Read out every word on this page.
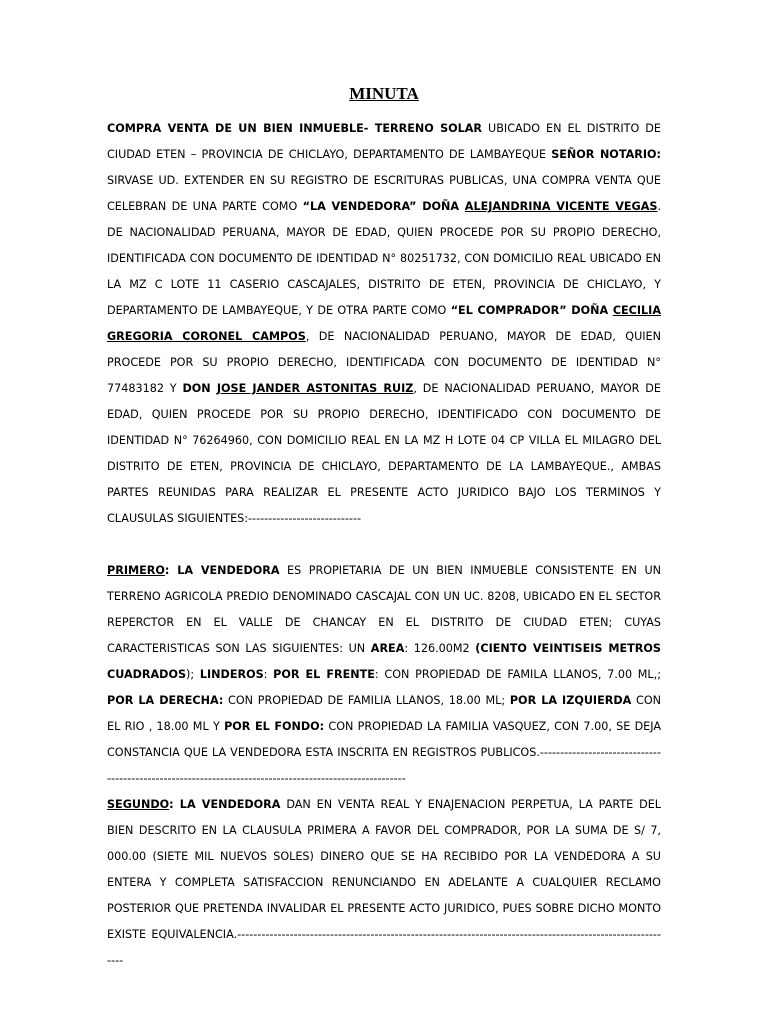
MINUTA

COMPRA VENTA DE UN BIEN INMUEBLE- TERRENO SOLAR UBICADO EN EL DISTRITO DE CIUDAD ETEN – PROVINCIA DE CHICLAYO, DEPARTAMENTO DE LAMBAYEQUE SEÑOR NOTARIO: SIRVASE UD. EXTENDER EN SU REGISTRO DE ESCRITURAS PUBLICAS, UNA COMPRA VENTA QUE CELEBRAN DE UNA PARTE COMO “LA VENDEDORA” DOÑA ALEJANDRINA VICENTE VEGAS. DE NACIONALIDAD PERUANA, MAYOR DE EDAD, QUIEN PROCEDE POR SU PROPIO DERECHO, IDENTIFICADA CON DOCUMENTO DE IDENTIDAD N° 80251732, CON DOMICILIO REAL UBICADO EN LA MZ C LOTE 11 CASERIO CASCAJALES, DISTRITO DE ETEN, PROVINCIA DE CHICLAYO, Y DEPARTAMENTO DE LAMBAYEQUE, Y DE OTRA PARTE COMO “EL COMPRADOR” DOÑA CECILIA GREGORIA CORONEL CAMPOS, DE NACIONALIDAD PERUANO, MAYOR DE EDAD, QUIEN PROCEDE POR SU PROPIO DERECHO, IDENTIFICADA CON DOCUMENTO DE IDENTIDAD N° 77483182 Y DON JOSE JANDER ASTONITAS RUIZ, DE NACIONALIDAD PERUANO, MAYOR DE EDAD, QUIEN PROCEDE POR SU PROPIO DERECHO, IDENTIFICADO CON DOCUMENTO DE IDENTIDAD N° 76264960, CON DOMICILIO REAL EN LA MZ H LOTE 04 CP VILLA EL MILAGRO DEL DISTRITO DE ETEN, PROVINCIA DE CHICLAYO, DEPARTAMENTO DE LA LAMBAYEQUE., AMBAS PARTES REUNIDAS PARA REALIZAR EL PRESENTE ACTO JURIDICO BAJO LOS TERMINOS Y CLAUSULAS SIGUIENTES:----------------------------

PRIMERO: LA VENDEDORA ES PROPIETARIA DE UN BIEN INMUEBLE CONSISTENTE EN UN TERRENO AGRICOLA PREDIO DENOMINADO CASCAJAL CON UN UC. 8208, UBICADO EN EL SECTOR REPERCTOR EN EL VALLE DE CHANCAY EN EL DISTRITO DE CIUDAD ETEN; CUYAS CARACTERISTICAS SON LAS SIGUIENTES: UN AREA: 126.00M2 (CIENTO VEINTISEIS METROS CUADRADOS); LINDEROS: POR EL FRENTE: CON PROPIEDAD DE FAMILA LLANOS, 7.00 ML,; POR LA DERECHA: CON PROPIEDAD DE FAMILIA LLANOS, 18.00 ML; POR LA IZQUIERDA CON EL RIO , 18.00 ML Y POR EL FONDO: CON PROPIEDAD LA FAMILIA VASQUEZ, CON 7.00, SE DEJA CONSTANCIA QUE LA VENDEDORA ESTA INSCRITA EN REGISTROS PUBLICOS.--------------------------------------------------------------------------------------------------------

SEGUNDO: LA VENDEDORA DAN EN VENTA REAL Y ENAJENACION PERPETUA, LA PARTE DEL BIEN DESCRITO EN LA CLAUSULA PRIMERA A FAVOR DEL COMPRADOR, POR LA SUMA DE S/ 7, 000.00 (SIETE MIL NUEVOS SOLES) DINERO QUE SE HA RECIBIDO POR LA VENDEDORA A SU ENTERA Y COMPLETA SATISFACCION RENUNCIANDO EN ADELANTE A CUALQUIER RECLAMO POSTERIOR QUE PRETENDA INVALIDAR EL PRESENTE ACTO JURIDICO, PUES SOBRE DICHO MONTO EXISTE EQUIVALENCIA.-------------------------------------------------------------------------------------------------------------
